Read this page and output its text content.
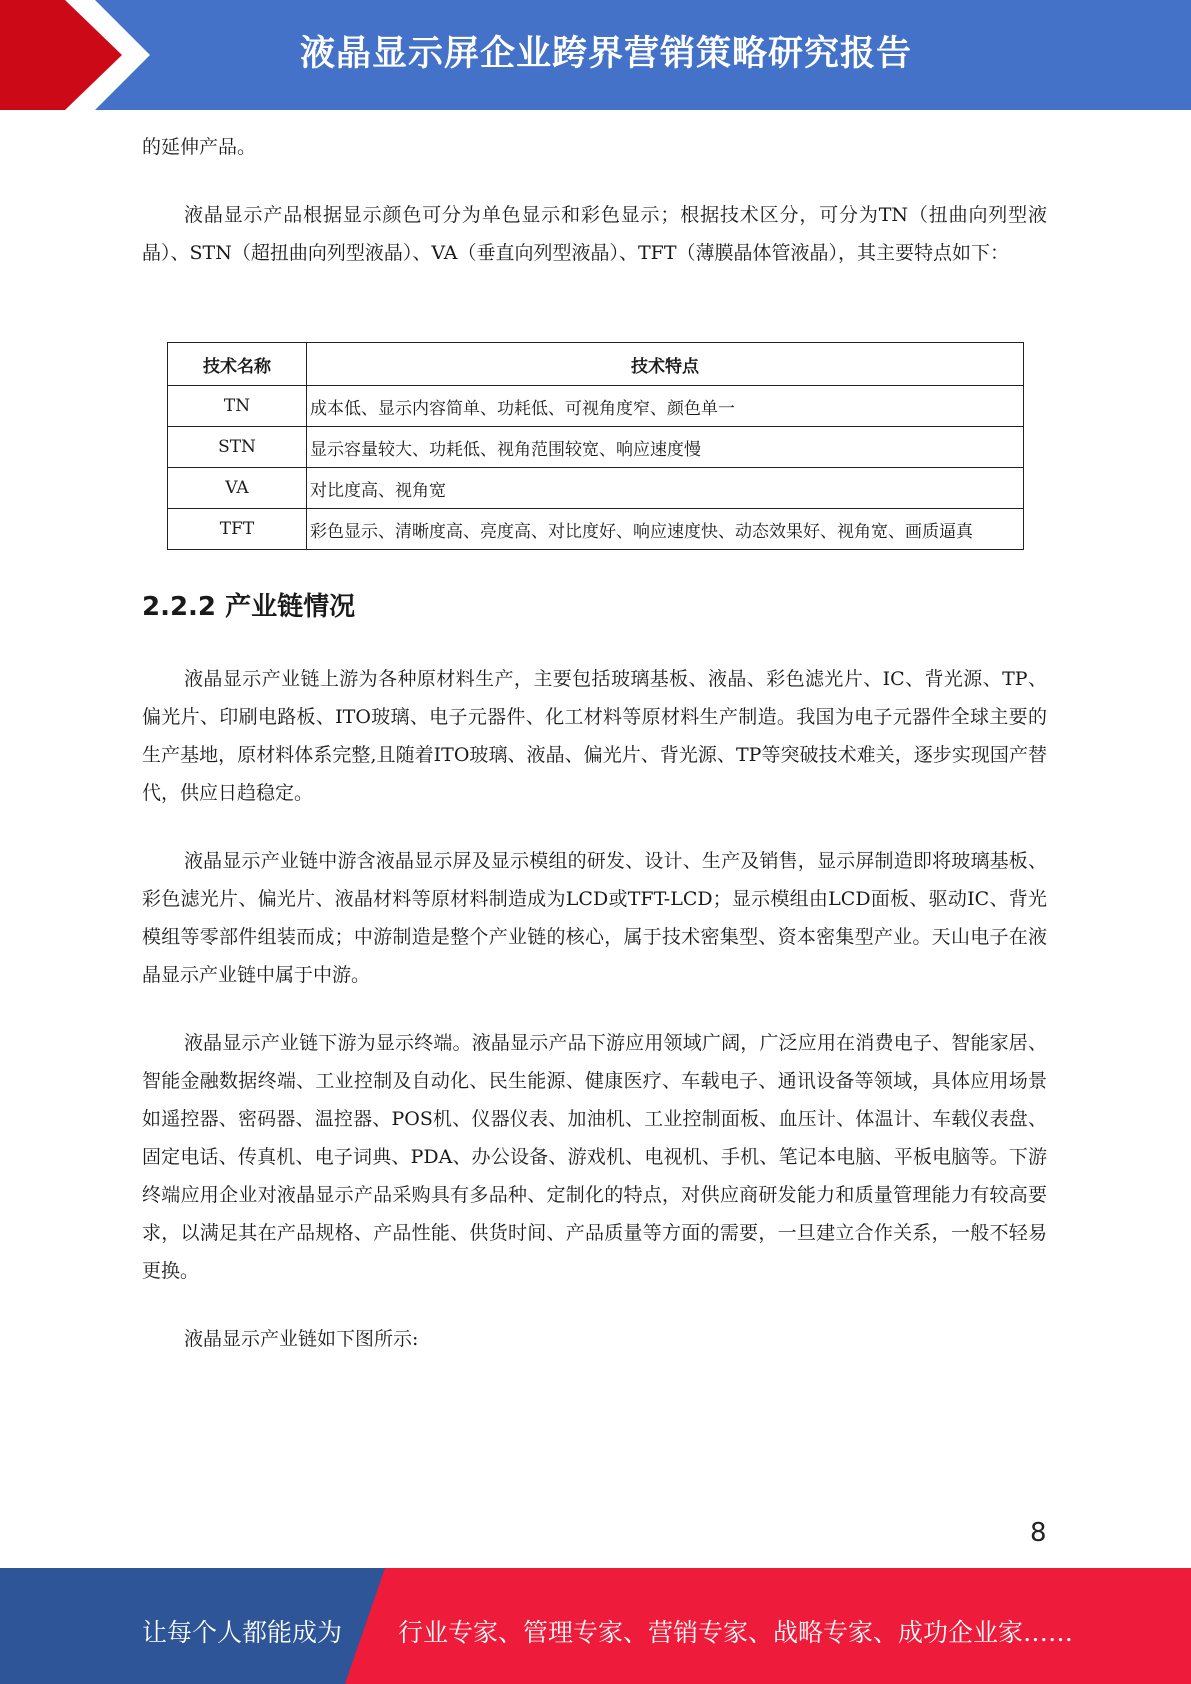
液晶显示屏企业跨界营销策略研究报告

的延伸产品。

液晶显示产品根据显示颜色可分为单色显示和彩色显示；根据技术区分，可分为TN（扭曲向列型液晶）、STN（超扭曲向列型液晶）、VA（垂直向列型液晶）、TFT（薄膜晶体管液晶），其主要特点如下：

技术名称	技术特点
TN	成本低、显示内容简单、功耗低、可视角度窄、颜色单一
STN	显示容量较大、功耗低、视角范围较宽、响应速度慢
VA	对比度高、视角宽
TFT	彩色显示、清晰度高、亮度高、对比度好、响应速度快、动态效果好、视角宽、画质逼真
2.2.2 产业链情况

液晶显示产业链上游为各种原材料生产，主要包括玻璃基板、液晶、彩色滤光片、IC、背光源、TP、偏光片、印刷电路板、ITO玻璃、电子元器件、化工材料等原材料生产制造。我国为电子元器件全球主要的生产基地，原材料体系完整,且随着ITO玻璃、液晶、偏光片、背光源、TP等突破技术难关，逐步实现国产替代，供应日趋稳定。

液晶显示产业链中游含液晶显示屏及显示模组的研发、设计、生产及销售，显示屏制造即将玻璃基板、彩色滤光片、偏光片、液晶材料等原材料制造成为LCD或TFT-LCD；显示模组由LCD面板、驱动IC、背光模组等零部件组装而成；中游制造是整个产业链的核心，属于技术密集型、资本密集型产业。天山电子在液晶显示产业链中属于中游。

液晶显示产业链下游为显示终端。液晶显示产品下游应用领域广阔，广泛应用在消费电子、智能家居、智能金融数据终端、工业控制及自动化、民生能源、健康医疗、车载电子、通讯设备等领域，具体应用场景如遥控器、密码器、温控器、POS机、仪器仪表、加油机、工业控制面板、血压计、体温计、车载仪表盘、固定电话、传真机、电子词典、PDA、办公设备、游戏机、电视机、手机、笔记本电脑、平板电脑等。下游终端应用企业对液晶显示产品采购具有多品种、定制化的特点，对供应商研发能力和质量管理能力有较高要求，以满足其在产品规格、产品性能、供货时间、产品质量等方面的需要，一旦建立合作关系，一般不轻易更换。

液晶显示产业链如下图所示:

8
让每个人都能成为 行业专家、管理专家、营销专家、战略专家、成功企业家……
